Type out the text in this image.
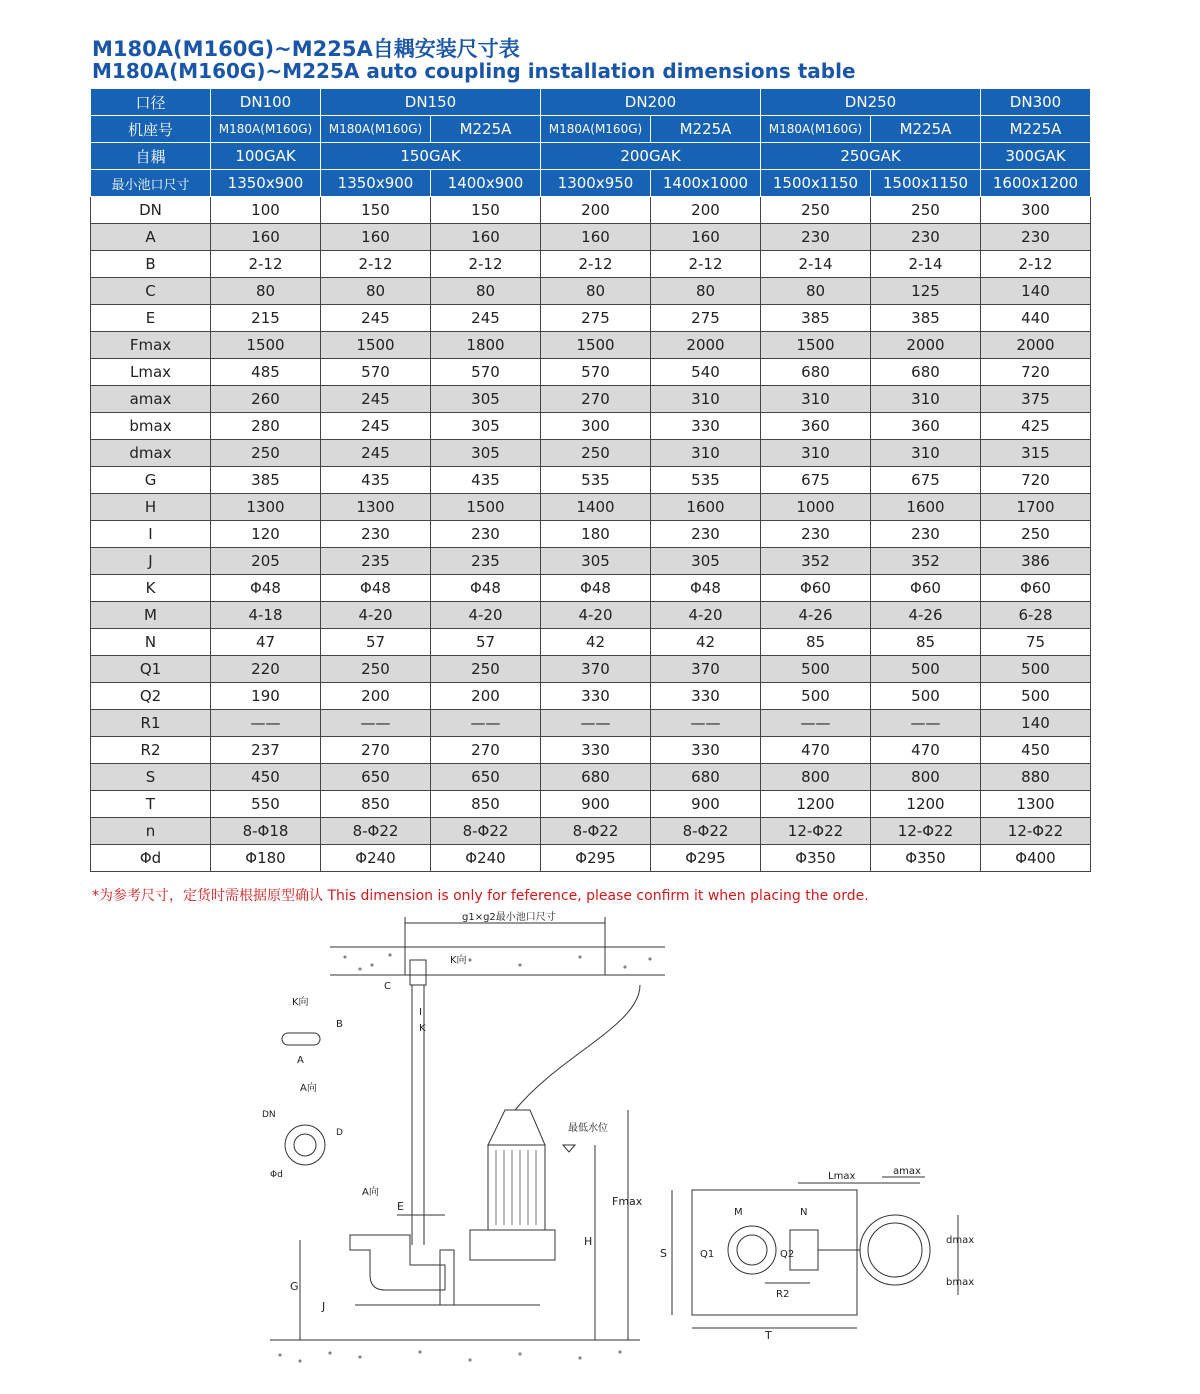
M180A(M160G)~M225A自耦安装尺寸表
M180A(M160G)~M225A auto coupling installation dimensions table
口径	DN100	DN150		DN200		DN250		DN300
机座号	M180A(M160G)	M180A(M160G)	M225A	M180A(M160G)	M225A	M180A(M160G)	M225A	M225A
自耦	100GAK	150GAK		200GAK		250GAK		300GAK
最小池口尺寸	1350x900	1350x900	1400x900	1300x950	1400x1000	1500x1150	1500x1150	1600x1200
DN	100	150	150	200	200	250	250	300
A	160	160	160	160	160	230	230	230
B	2-12	2-12	2-12	2-12	2-12	2-14	2-14	2-12
C	80	80	80	80	80	80	125	140
E	215	245	245	275	275	385	385	440
Fmax	1500	1500	1800	1500	2000	1500	2000	2000
Lmax	485	570	570	570	540	680	680	720
amax	260	245	305	270	310	310	310	375
bmax	280	245	305	300	330	360	360	425
dmax	250	245	305	250	310	310	310	315
G	385	435	435	535	535	675	675	720
H	1300	1300	1500	1400	1600	1000	1600	1700
I	120	230	230	180	230	230	230	250
J	205	235	235	305	305	352	352	386
K	Φ48	Φ48	Φ48	Φ48	Φ48	Φ60	Φ60	Φ60
M	4-18	4-20	4-20	4-20	4-20	4-26	4-26	6-28
N	47	57	57	42	42	85	85	75
Q1	220	250	250	370	370	500	500	500
Q2	190	200	200	330	330	500	500	500
R1	——	——	——	——	——	——	——	140
R2	237	270	270	330	330	470	470	450
S	450	650	650	680	680	800	800	880
T	550	850	850	900	900	1200	1200	1300
n	8-Φ18	8-Φ22	8-Φ22	8-Φ22	8-Φ22	12-Φ22	12-Φ22	12-Φ22
Φd	Φ180	Φ240	Φ240	Φ295	Φ295	Φ350	Φ350	Φ400
*为参考尺寸，定货时需根据原型确认 This dimension is only for feference, please confirm it when placing the orde.
g1×g2最小池口尺寸
K向
C
I
K
G
J
E
H
Fmax
最低水位
A向
K向
B
A
A向
DN
D
Φd
T
S	Q1	Q2
M	N
R2
Lmax	amax
dmax
bmax
